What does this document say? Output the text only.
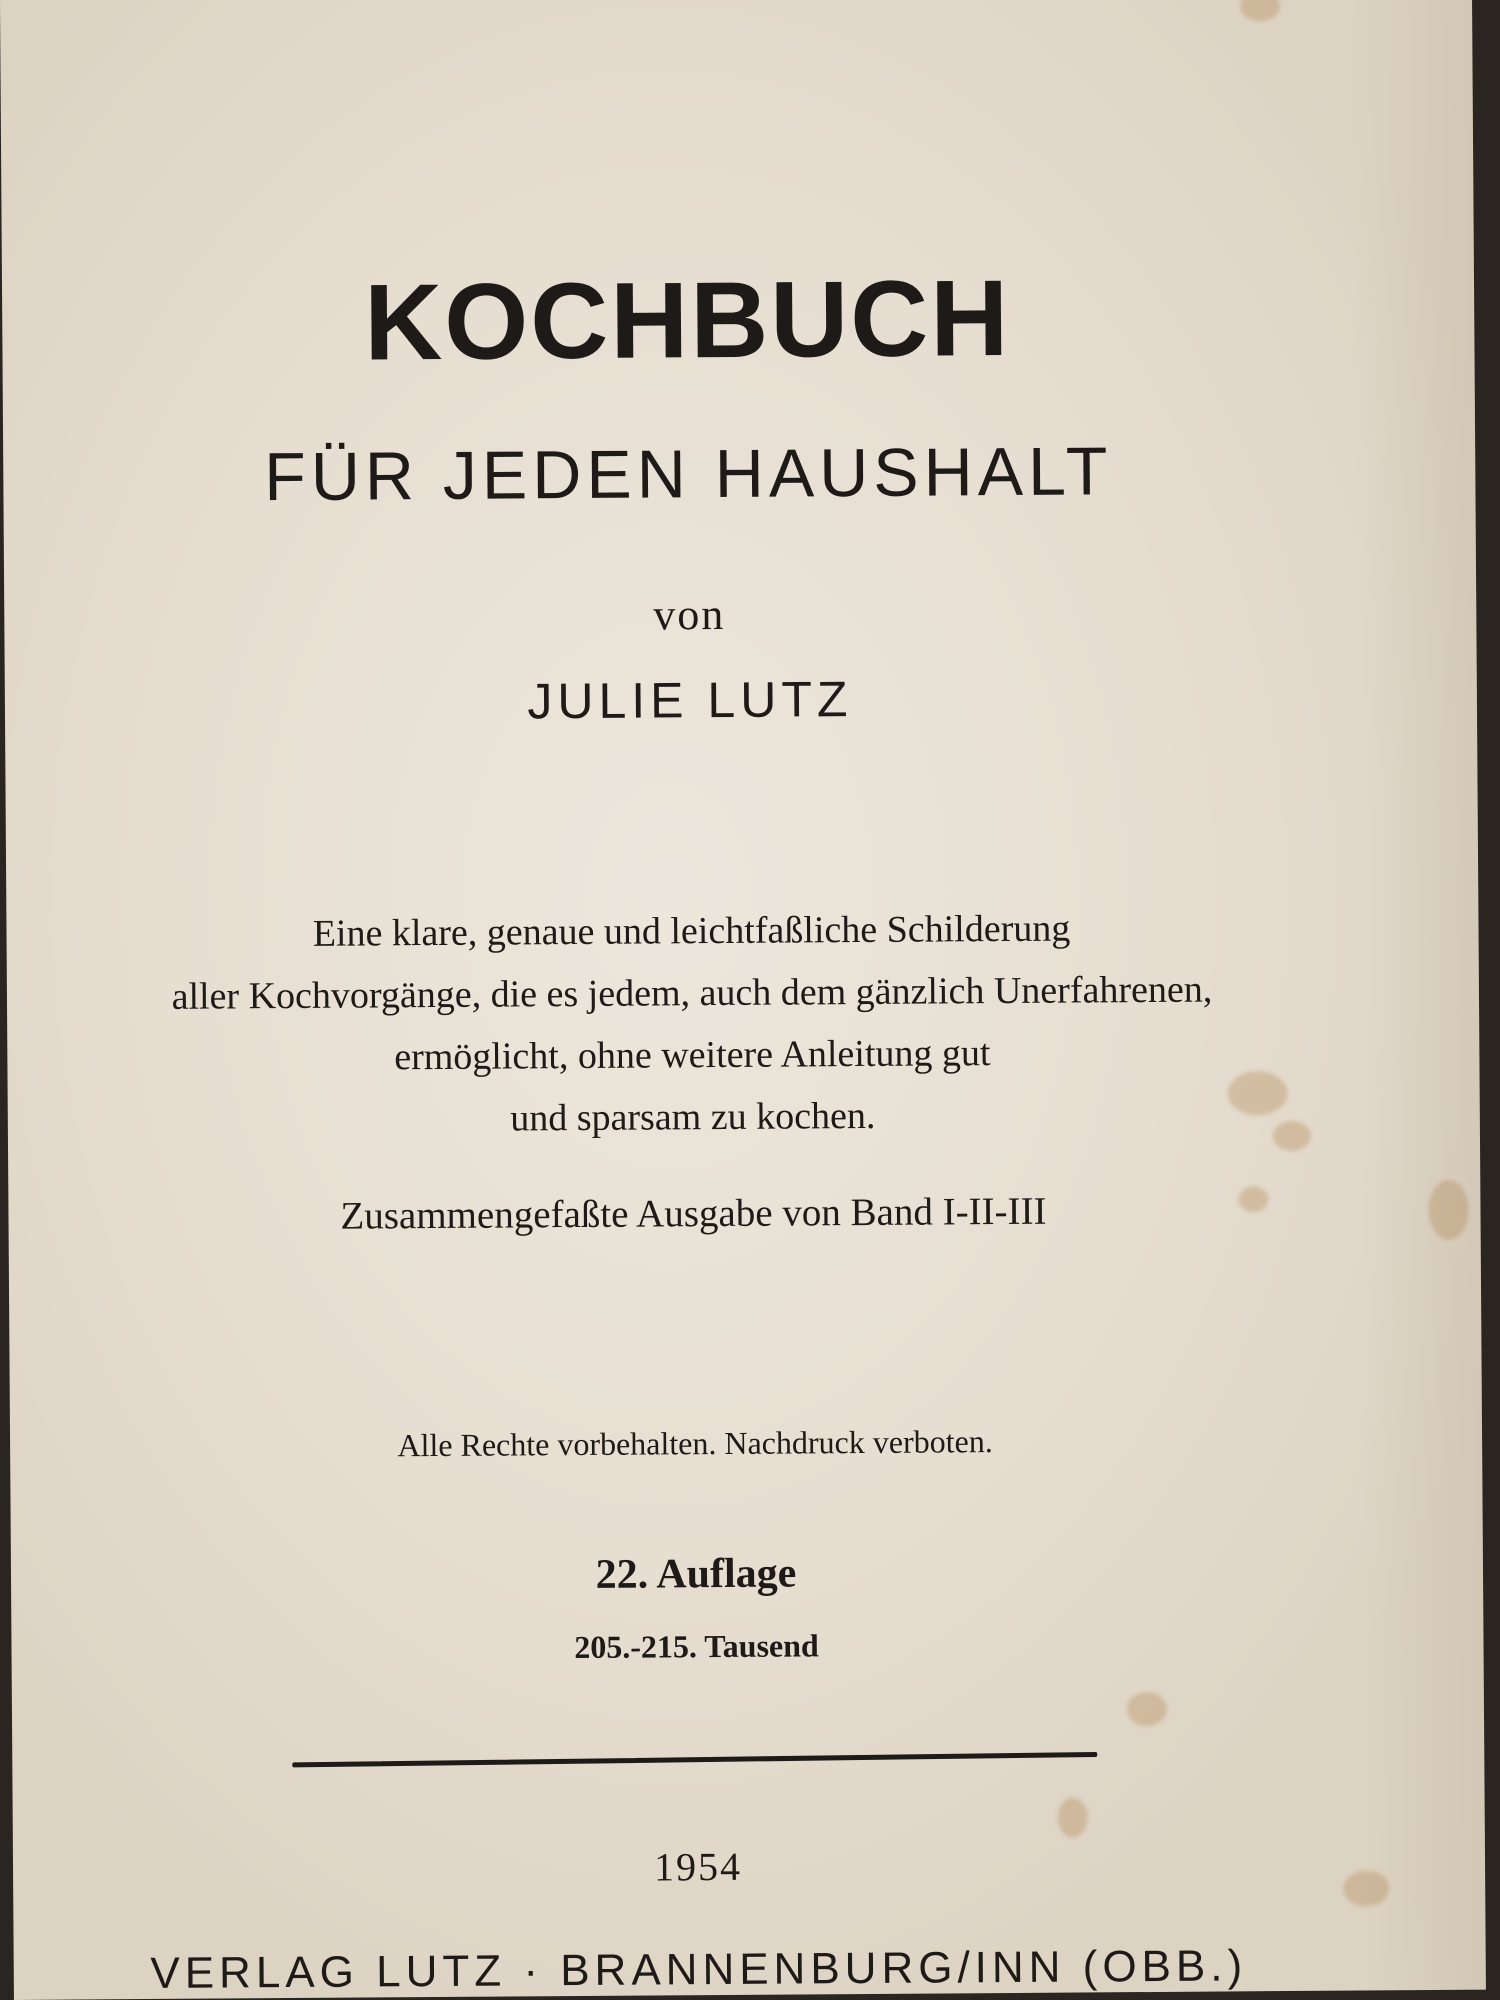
KOCHBUCH
FÜR JEDEN HAUSHALT
von
JULIE LUTZ
Eine klare, genaue und leichtfaßliche Schilderung
aller Kochvorgänge, die es jedem, auch dem gänzlich Unerfahrenen,
ermöglicht, ohne weitere Anleitung gut
und sparsam zu kochen.
Zusammengefaßte Ausgabe von Band I-II-III
Alle Rechte vorbehalten. Nachdruck verboten.
22. Auflage
205.-215. Tausend
1954
VERLAG LUTZ · BRANNENBURG/INN (OBB.)
